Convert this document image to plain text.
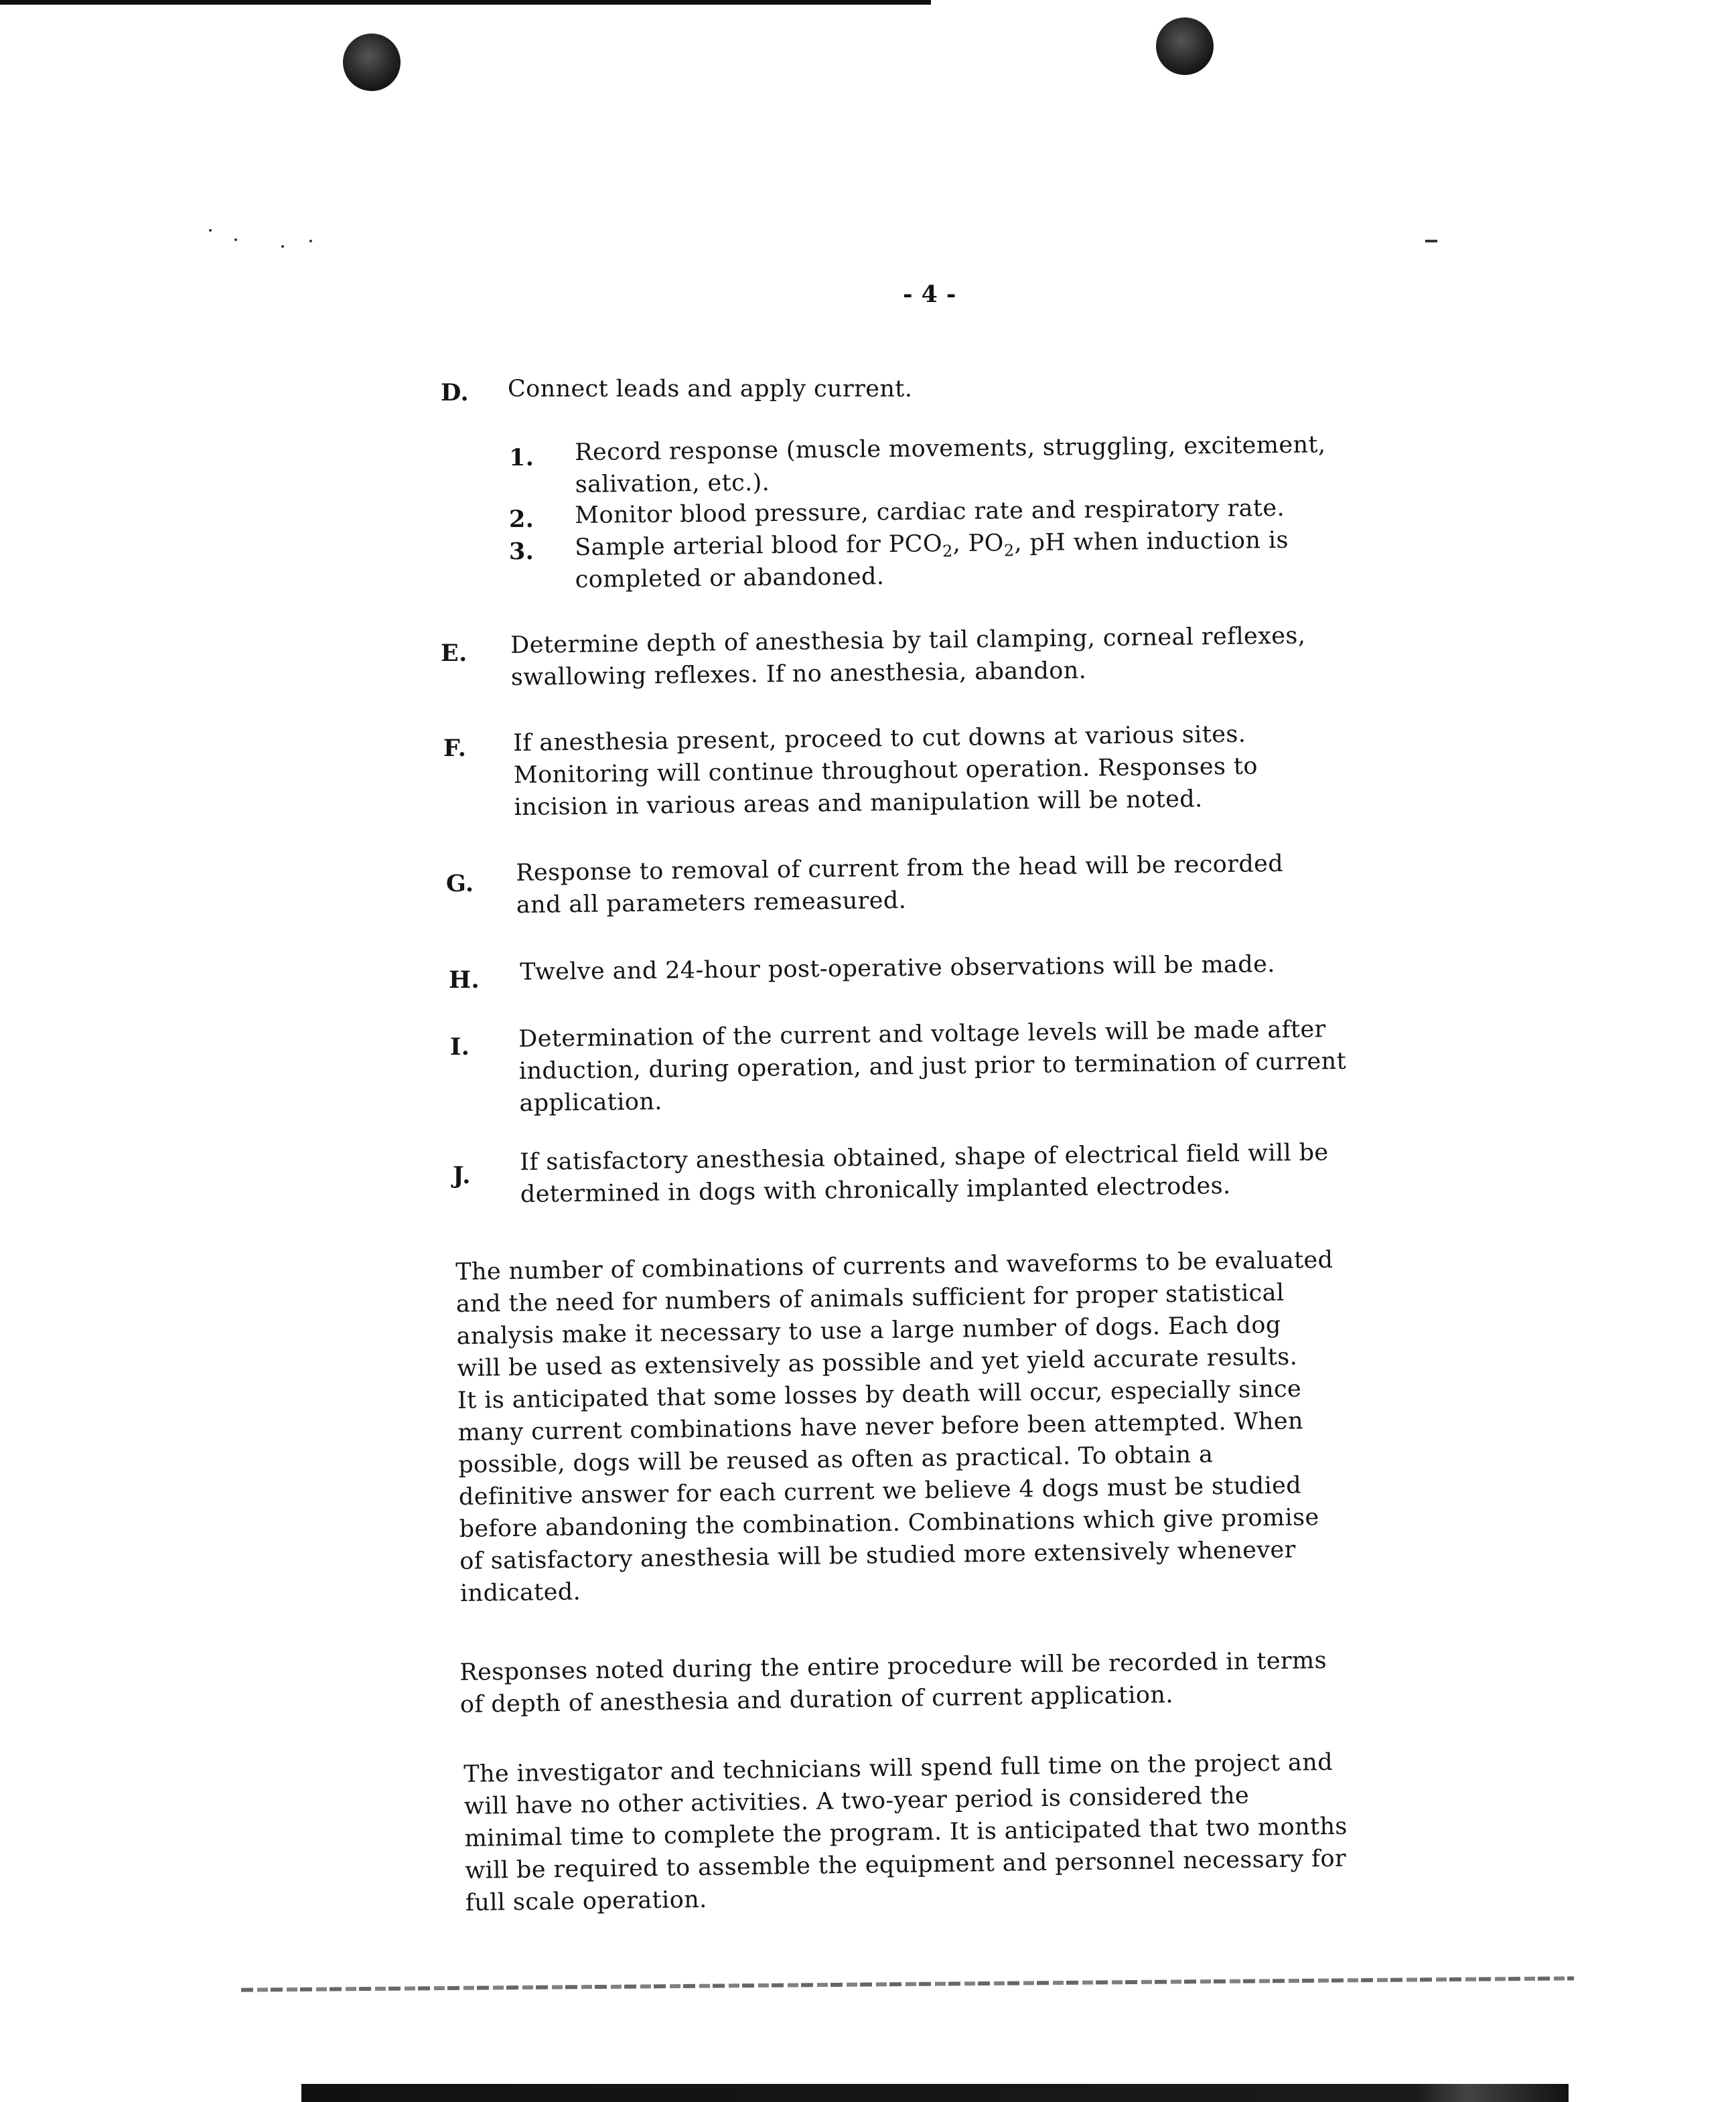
- 4 -
D. Connect leads and apply current.
1. Record response (muscle movements, struggling, excitement,
salivation, etc.).
2. Monitor blood pressure, cardiac rate and respiratory rate.
3. Sample arterial blood for $PCO_2$, $PO_2$, pH when induction is
completed or abandoned.
E. Determine depth of anesthesia by tail clamping, corneal reflexes,
swallowing reflexes. If no anesthesia, abandon.
F. If anesthesia present, proceed to cut downs at various sites.
Monitoring will continue throughout operation. Responses to
incision in various areas and manipulation will be noted.
G. Response to removal of current from the head will be recorded
and all parameters remeasured.
H. Twelve and 24-hour post-operative observations will be made.
I. Determination of the current and voltage levels will be made after
induction, during operation, and just prior to termination of current
application.
J. If satisfactory anesthesia obtained, shape of electrical field will be
determined in dogs with chronically implanted electrodes.
The number of combinations of currents and waveforms to be evaluated
and the need for numbers of animals sufficient for proper statistical
analysis make it necessary to use a large number of dogs. Each dog
will be used as extensively as possible and yet yield accurate results.
It is anticipated that some losses by death will occur, especially since
many current combinations have never before been attempted. When
possible, dogs will be reused as often as practical. To obtain a
definitive answer for each current we believe 4 dogs must be studied
before abandoning the combination. Combinations which give promise
of satisfactory anesthesia will be studied more extensively whenever
indicated.
Responses noted during the entire procedure will be recorded in terms
of depth of anesthesia and duration of current application.
The investigator and technicians will spend full time on the project and
will have no other activities. A two-year period is considered the
minimal time to complete the program. It is anticipated that two months
will be required to assemble the equipment and personnel necessary for
full scale operation.
